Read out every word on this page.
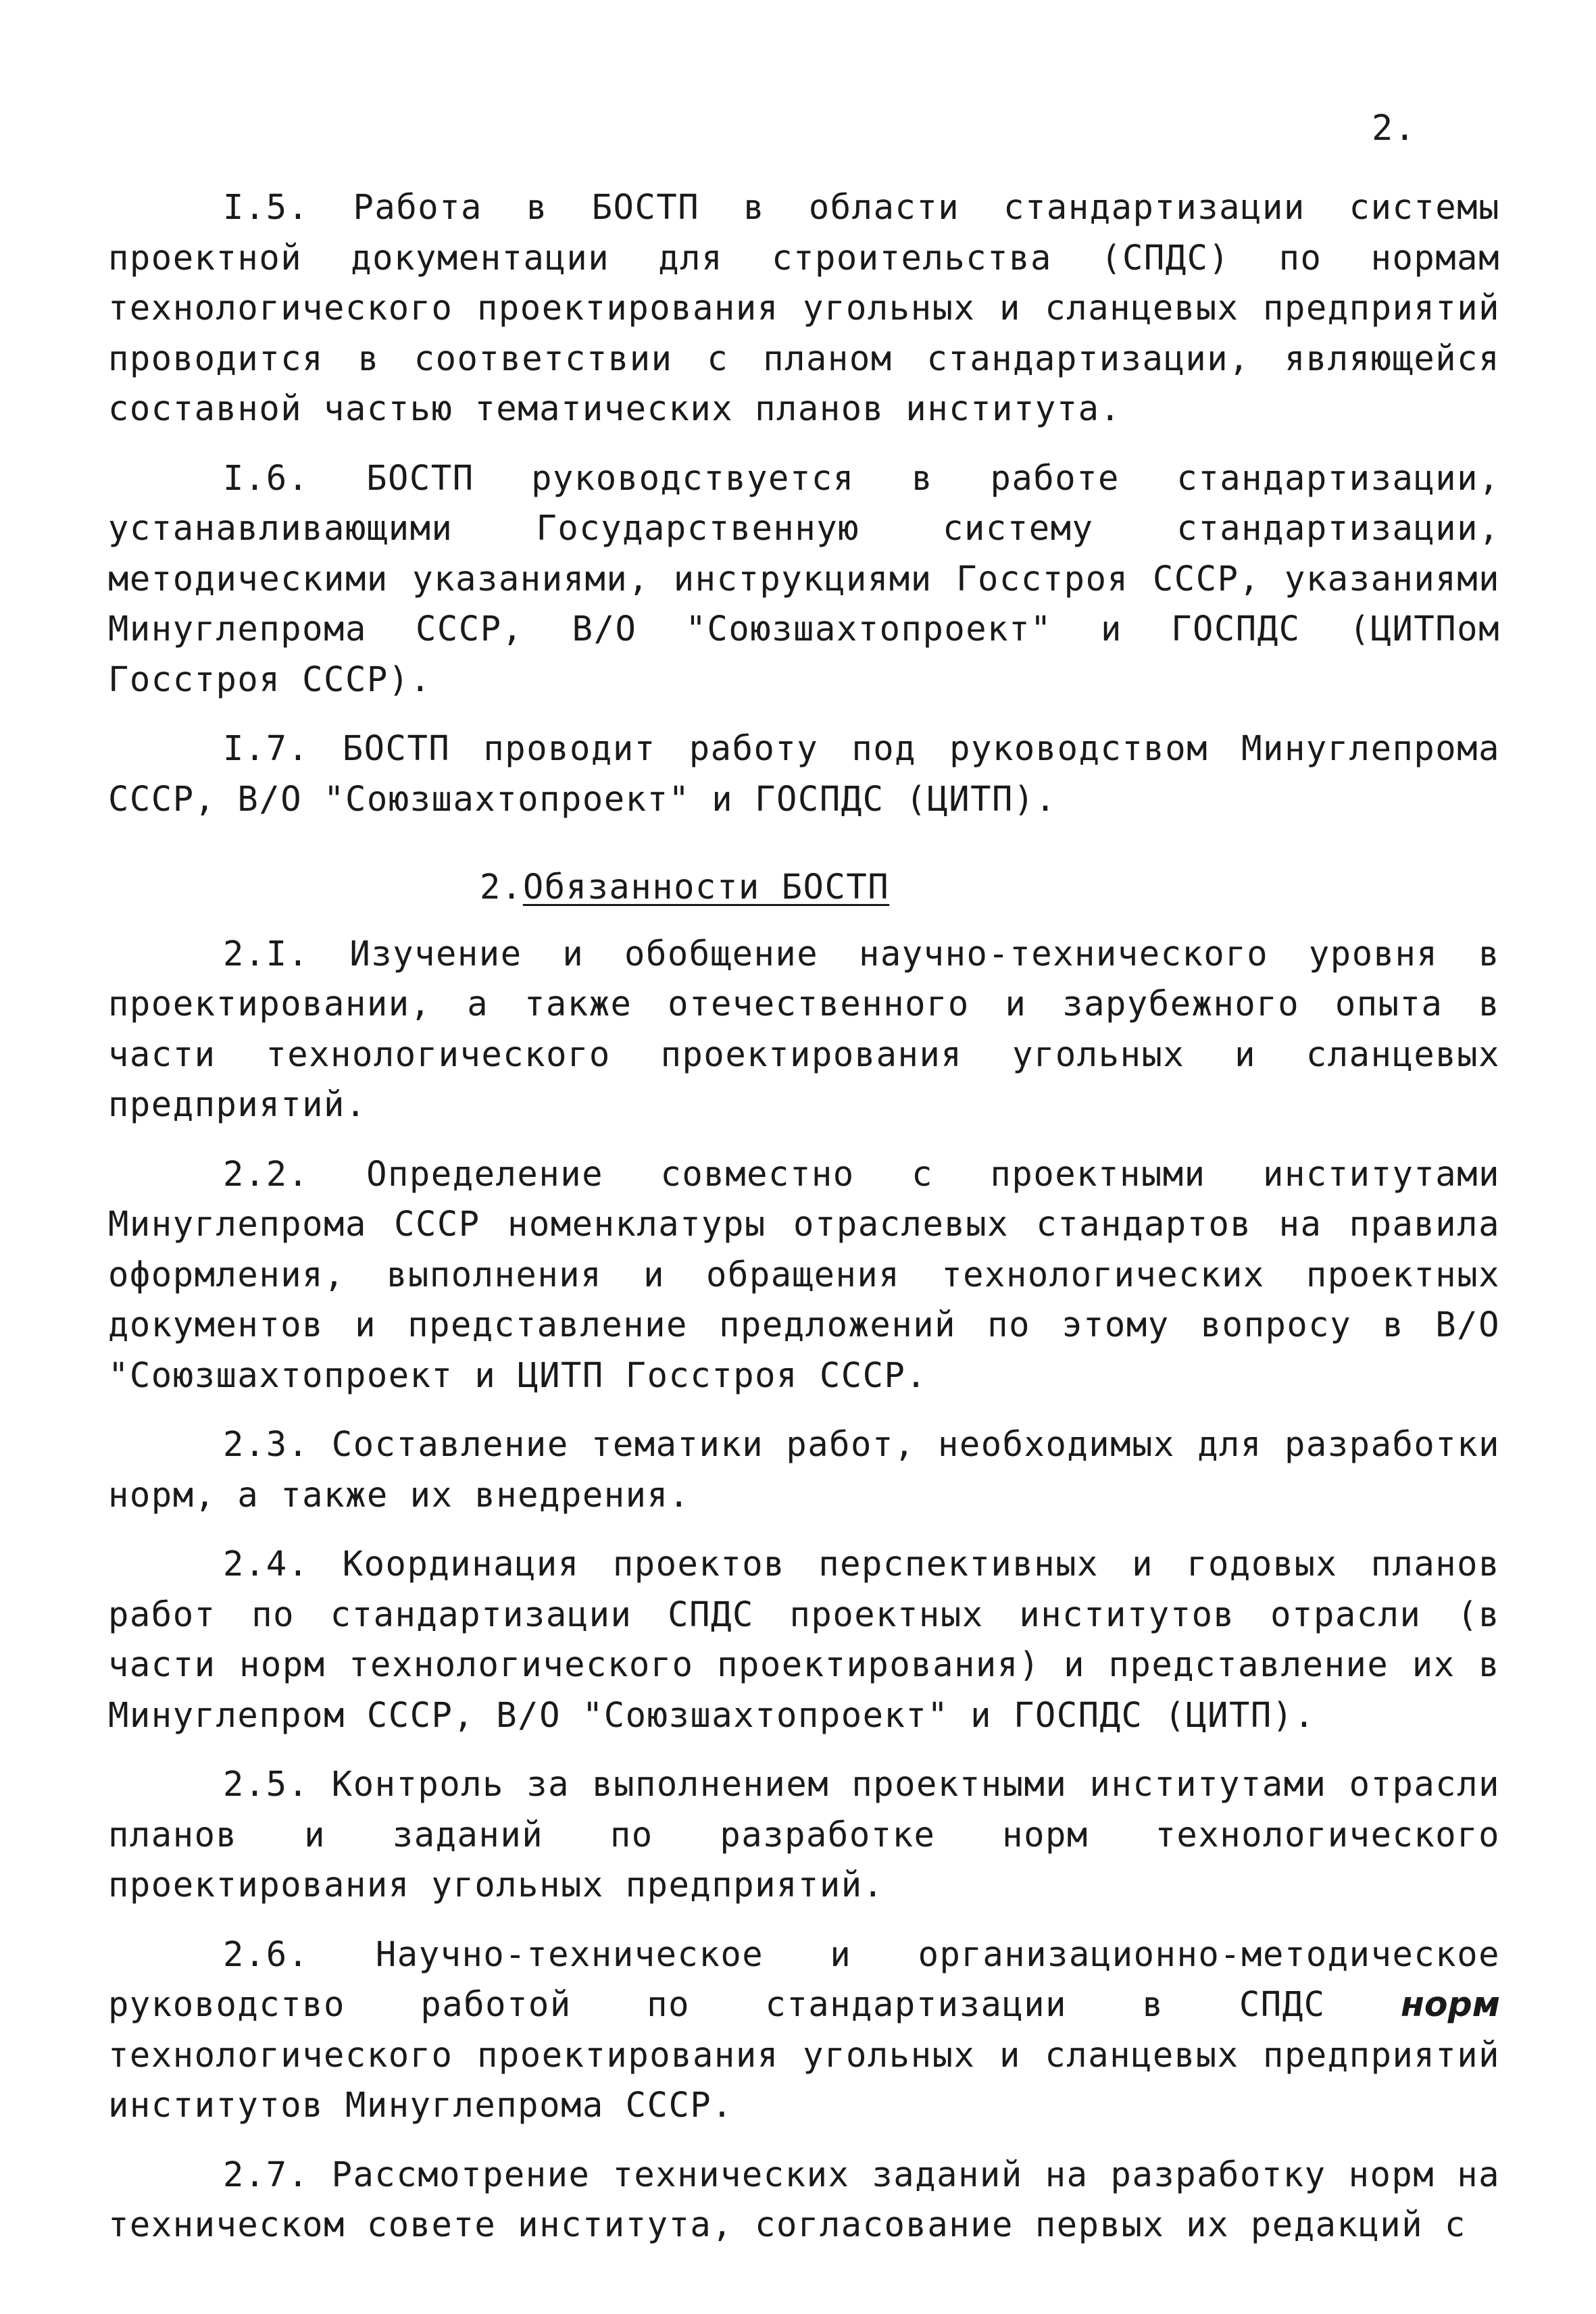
2.

I.5. Работа в БОСТП в области стандартизации системы проектной документации для строительства (СПДС) по нормам технологического проектирования угольных и сланцевых предприятий проводится в соответствии с планом стандартизации, являющейся составной частью тематических планов института.

I.6. БОСТП руководствуется в работе стандартизации, устанавливающими Государственную систему стандартизации, методическими указаниями, инструкциями Госстроя СССР, указаниями Минуглепрома СССР, В/О "Союзшахтопроект" и ГОСПДС (ЦИТПом Госстроя СССР).

I.7. БОСТП проводит работу под руководством Минуглепрома СССР, В/О "Союзшахтопроект" и ГОСПДС (ЦИТП).

2.Обязанности БОСТП

2.I. Изучение и обобщение научно-технического уровня в проектировании, а также отечественного и зарубежного опыта в части технологического проектирования угольных и сланцевых предприятий.

2.2. Определение совместно с проектными институтами Минуглепрома СССР номенклатуры отраслевых стандартов на правила оформления, выполнения и обращения технологических проектных документов и представление предложений по этому вопросу в В/О "Союзшахтопроект и ЦИТП Госстроя СССР.

2.3. Составление тематики работ, необходимых для разработки норм, а также их внедрения.

2.4. Координация проектов перспективных и годовых планов работ по стандартизации СПДС проектных институтов отрасли (в части норм технологического проектирования) и представление их в Минуглепром СССР, В/О "Союзшахтопроект" и ГОСПДС (ЦИТП).

2.5. Контроль за выполнением проектными институтами отрасли планов и заданий по разработке норм технологического проектирования угольных предприятий.

2.6. Научно-техническое и организационно-методическое руководство работой по стандартизации в СПДС норм технологического проектирования угольных и сланцевых предприятий институтов Минуглепрома СССР.

2.7. Рассмотрение технических заданий на разработку норм на техническом совете института, согласование первых их редакций с
